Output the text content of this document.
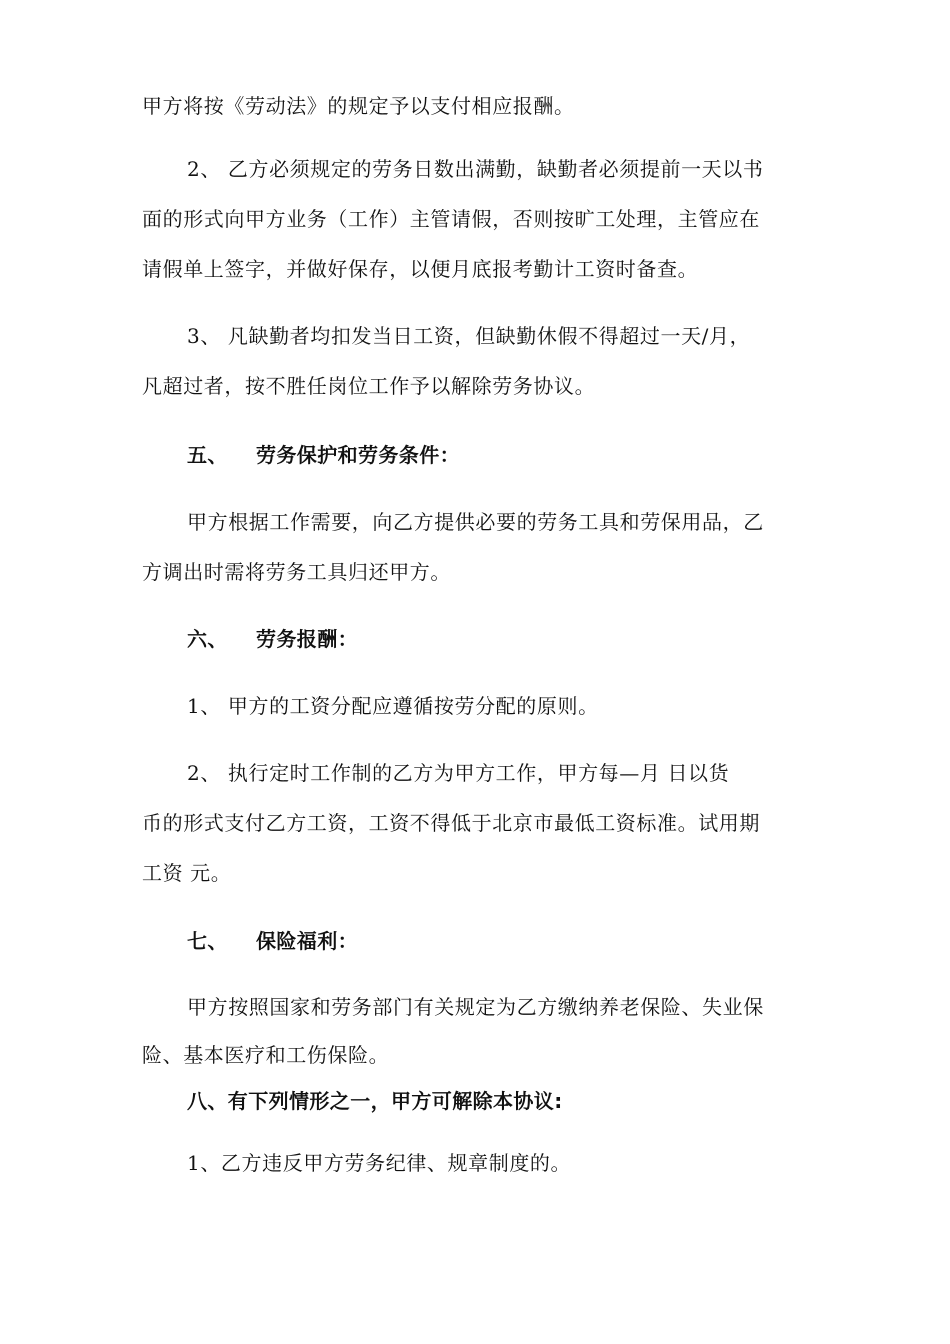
甲方将按《劳动法》的规定予以支付相应报酬。
2、 乙方必须规定的劳务日数出满勤，缺勤者必须提前一天以书
面的形式向甲方业务（工作）主管请假，否则按旷工处理，主管应在
请假单上签字，并做好保存，以便月底报考勤计工资时备查。
3、 凡缺勤者均扣发当日工资，但缺勤休假不得超过一天/月，
凡超过者，按不胜任岗位工作予以解除劳务协议。
五、 劳务保护和劳务条件：
甲方根据工作需要，向乙方提供必要的劳务工具和劳保用品，乙
方调出时需将劳务工具归还甲方。
六、 劳务报酬：
1、 甲方的工资分配应遵循按劳分配的原则。
2、 执行定时工作制的乙方为甲方工作，甲方每—月 日以货
币的形式支付乙方工资，工资不得低于北京市最低工资标准。试用期
工资 元。
七、 保险福利：
甲方按照国家和劳务部门有关规定为乙方缴纳养老保险、失业保
险、基本医疗和工伤保险。
八、有下列情形之一，甲方可解除本协议:
1、乙方违反甲方劳务纪律、规章制度的。
